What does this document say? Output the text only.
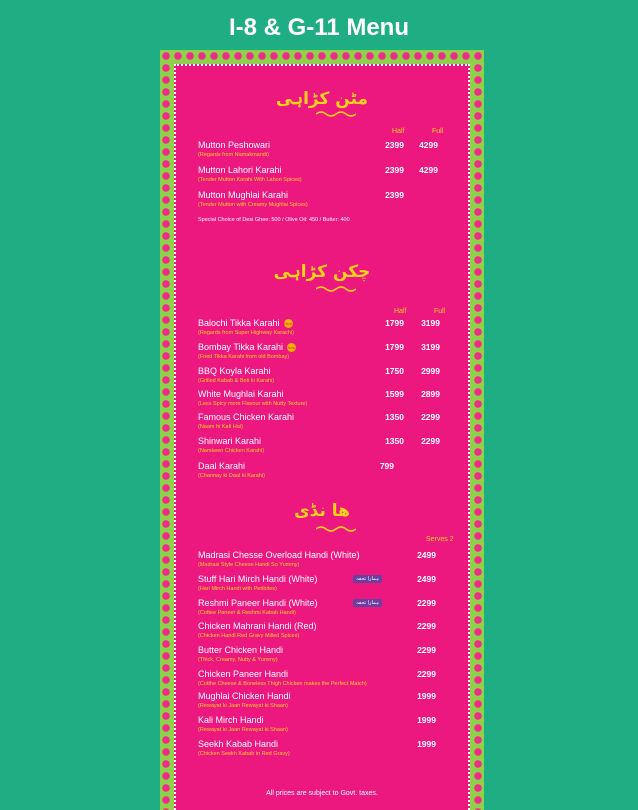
I-8 & G-11 Menu
مٹن کڑاہی
Half	Full
Mutton Peshowari
(Regards from Namakmandi)
2399	4299
Mutton Lahori Karahi
(Tender Mutton Karahi With Lahori Spices)
2399	4299
Mutton Mughlai Karahi
(Tender Mutton with Creamy Mughlai Spices)
2399
Special Choice of Desi Ghee: 500 / Olive Oil: 450 / Butter: 400
چکن کڑاہی
Half	Full
Balochi Tikka Karahi New
(Regards from Super Highway Karachi)
1799	3199
Bombay Tikka Karahi New
(Fried Tikka Karahi from old Bombay)
1799	3199
BBQ Koyla Karahi
(Grilled Kabab & Boti ki Karahi)
1750	2999
White Mughlai Karahi
(Less Spicy more Flavour with Nutty Texture)
1599	2899
Famous Chicken Karahi
(Naam hi Kafi Hai)
1350	2299
Shinwari Karahi
(Namkeen Chicken Karahi)
1350	2299
Daal Karahi
(Channay ki Daal ki Karahi)
799
ھا نڈی
Serves 2
Madrasi Chesse Overload Handi (White)
(Madrasi Style Cheese Handi So Yummy)
2499
Stuff Hari Mirch Handi (White)
(Hari Mirch Handi with Peribites)
ہمارا تحفہ	2499
Reshmi Paneer Handi (White)
(Cottee Paneer & Reshmi Kabab Handi)
ہمارا تحفہ	2299
Chicken Mahrani Handi (Red)
(Chicken Handi Red Gravy Milled Spices)
2299
Butter Chicken Handi
(Thick, Creamy, Nutty & Yummy)
2299
Chicken Paneer Handi
(Cotthe Cheese & Boneless Thigh Chicken makes the Perfect Match)
2299
Mughlai Chicken Handi
(Rewayat ki Jaan Rewayat ki Shaan)
1999
Kali Mirch Handi
(Rewayat ki Jaan Rewayat ki Shaan)
1999
Seekh Kabab Handi
(Chicken Seekh Kabab in Red Gravy)
1999
All prices are subject to Govt. taxes.
